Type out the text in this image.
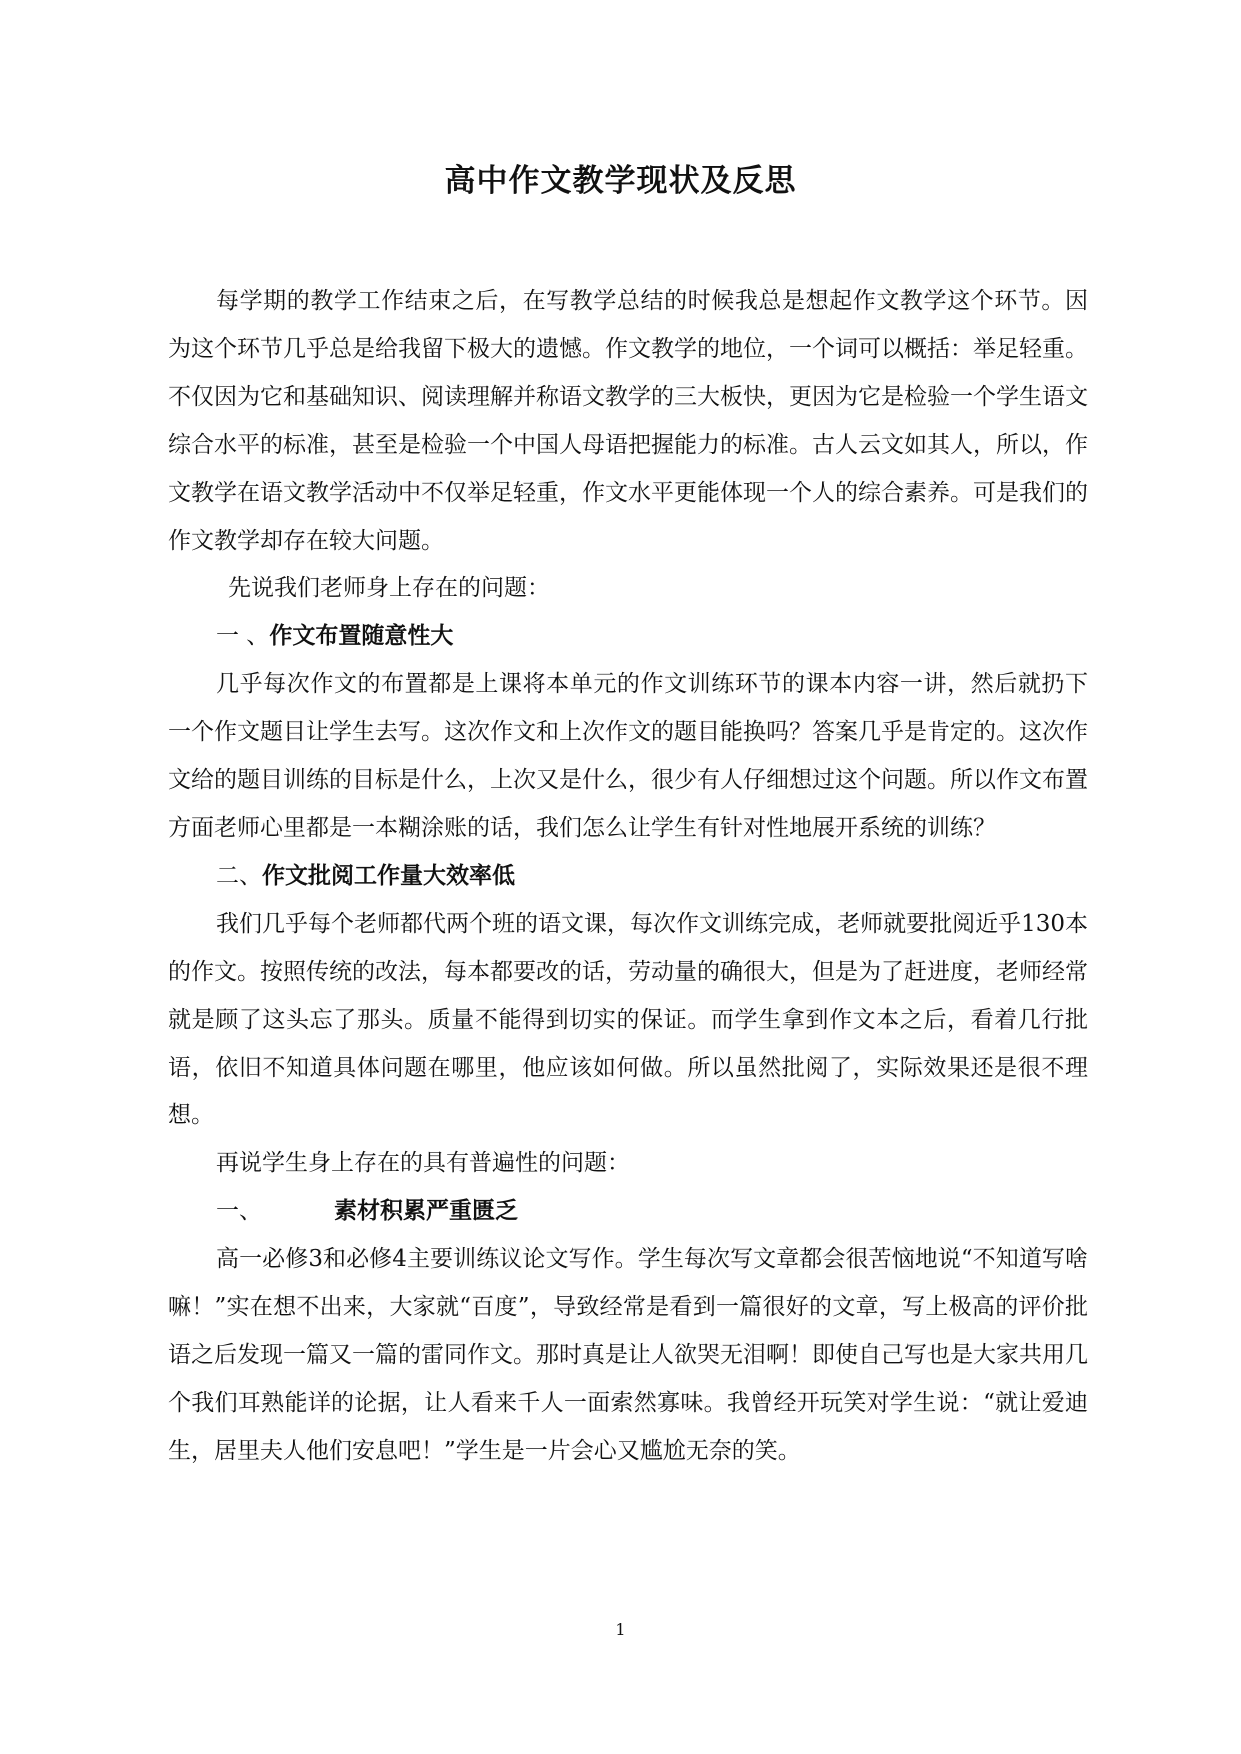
高中作文教学现状及反思

每学期的教学工作结束之后，在写教学总结的时候我总是想起作文教学这个环节。因为这个环节几乎总是给我留下极大的遗憾。作文教学的地位，一个词可以概括：举足轻重。不仅因为它和基础知识、阅读理解并称语文教学的三大板快，更因为它是检验一个学生语文综合水平的标准，甚至是检验一个中国人母语把握能力的标准。古人云文如其人，所以，作文教学在语文教学活动中不仅举足轻重，作文水平更能体现一个人的综合素养。可是我们的作文教学却存在较大问题。

先说我们老师身上存在的问题：

一 、作文布置随意性大

几乎每次作文的布置都是上课将本单元的作文训练环节的课本内容一讲，然后就扔下一个作文题目让学生去写。这次作文和上次作文的题目能换吗？答案几乎是肯定的。这次作文给的题目训练的目标是什么，上次又是什么，很少有人仔细想过这个问题。所以作文布置方面老师心里都是一本糊涂账的话，我们怎么让学生有针对性地展开系统的训练？

二、作文批阅工作量大效率低

我们几乎每个老师都代两个班的语文课，每次作文训练完成，老师就要批阅近乎130本的作文。按照传统的改法，每本都要改的话，劳动量的确很大，但是为了赶进度，老师经常就是顾了这头忘了那头。质量不能得到切实的保证。而学生拿到作文本之后，看着几行批语，依旧不知道具体问题在哪里，他应该如何做。所以虽然批阅了，实际效果还是很不理想。

再说学生身上存在的具有普遍性的问题：

一、	素材积累严重匮乏

高一必修3和必修4主要训练议论文写作。学生每次写文章都会很苦恼地说“不知道写啥嘛！”实在想不出来，大家就“百度”，导致经常是看到一篇很好的文章，写上极高的评价批语之后发现一篇又一篇的雷同作文。那时真是让人欲哭无泪啊！即使自己写也是大家共用几个我们耳熟能详的论据，让人看来千人一面索然寡味。我曾经开玩笑对学生说：“就让爱迪生，居里夫人他们安息吧！”学生是一片会心又尴尬无奈的笑。

1
